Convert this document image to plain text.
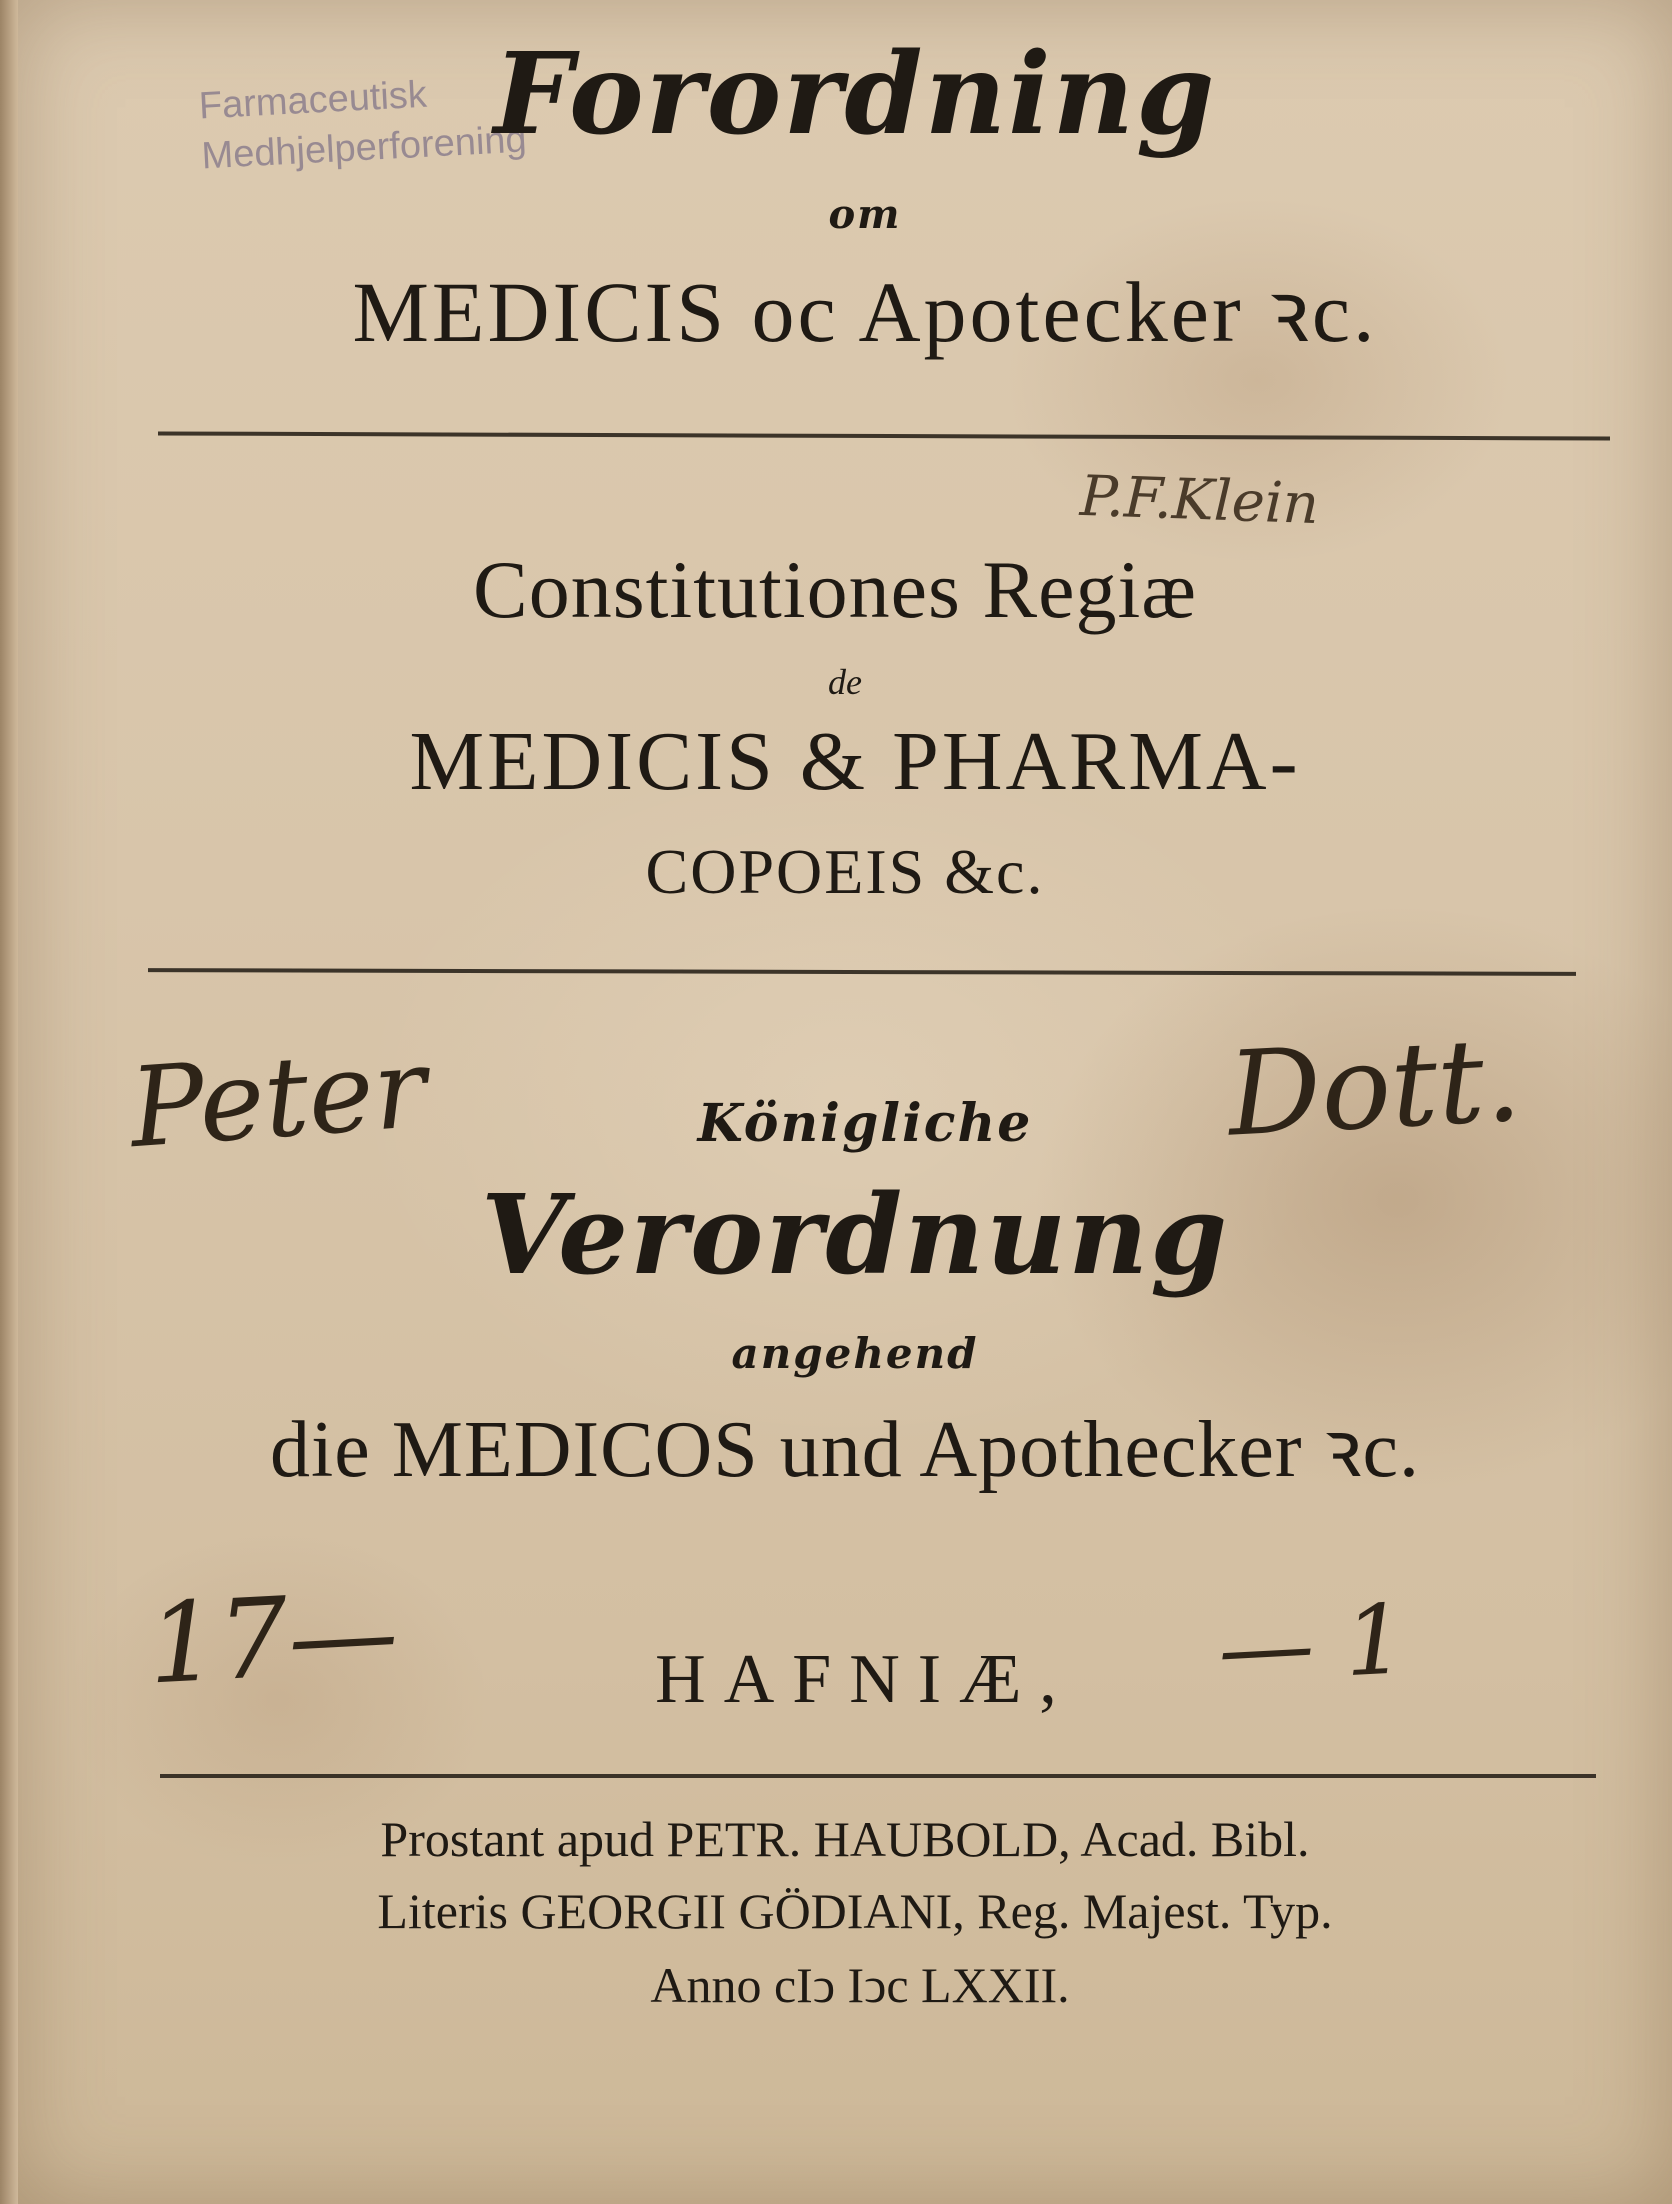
Farmaceutisk
Medhjelperforening
Forordning
om
MEDICIS oc Apotecker ꝛc.
Constitutiones Regiæ
de
MEDICIS & PHARMA-
COPOEIS &c.
Königliche
Verordnung
angehend
die MEDICOS und Apothecker ꝛc.
HAFNIÆ,
Prostant apud PETR. HAUBOLD, Acad. Bibl.
Literis GEORGII GÖDIANI, Reg. Majest. Typ.
Anno cIↄ Iↄc LXXII.
P.F.Klein
Peter	Dott.
17—	— 1
